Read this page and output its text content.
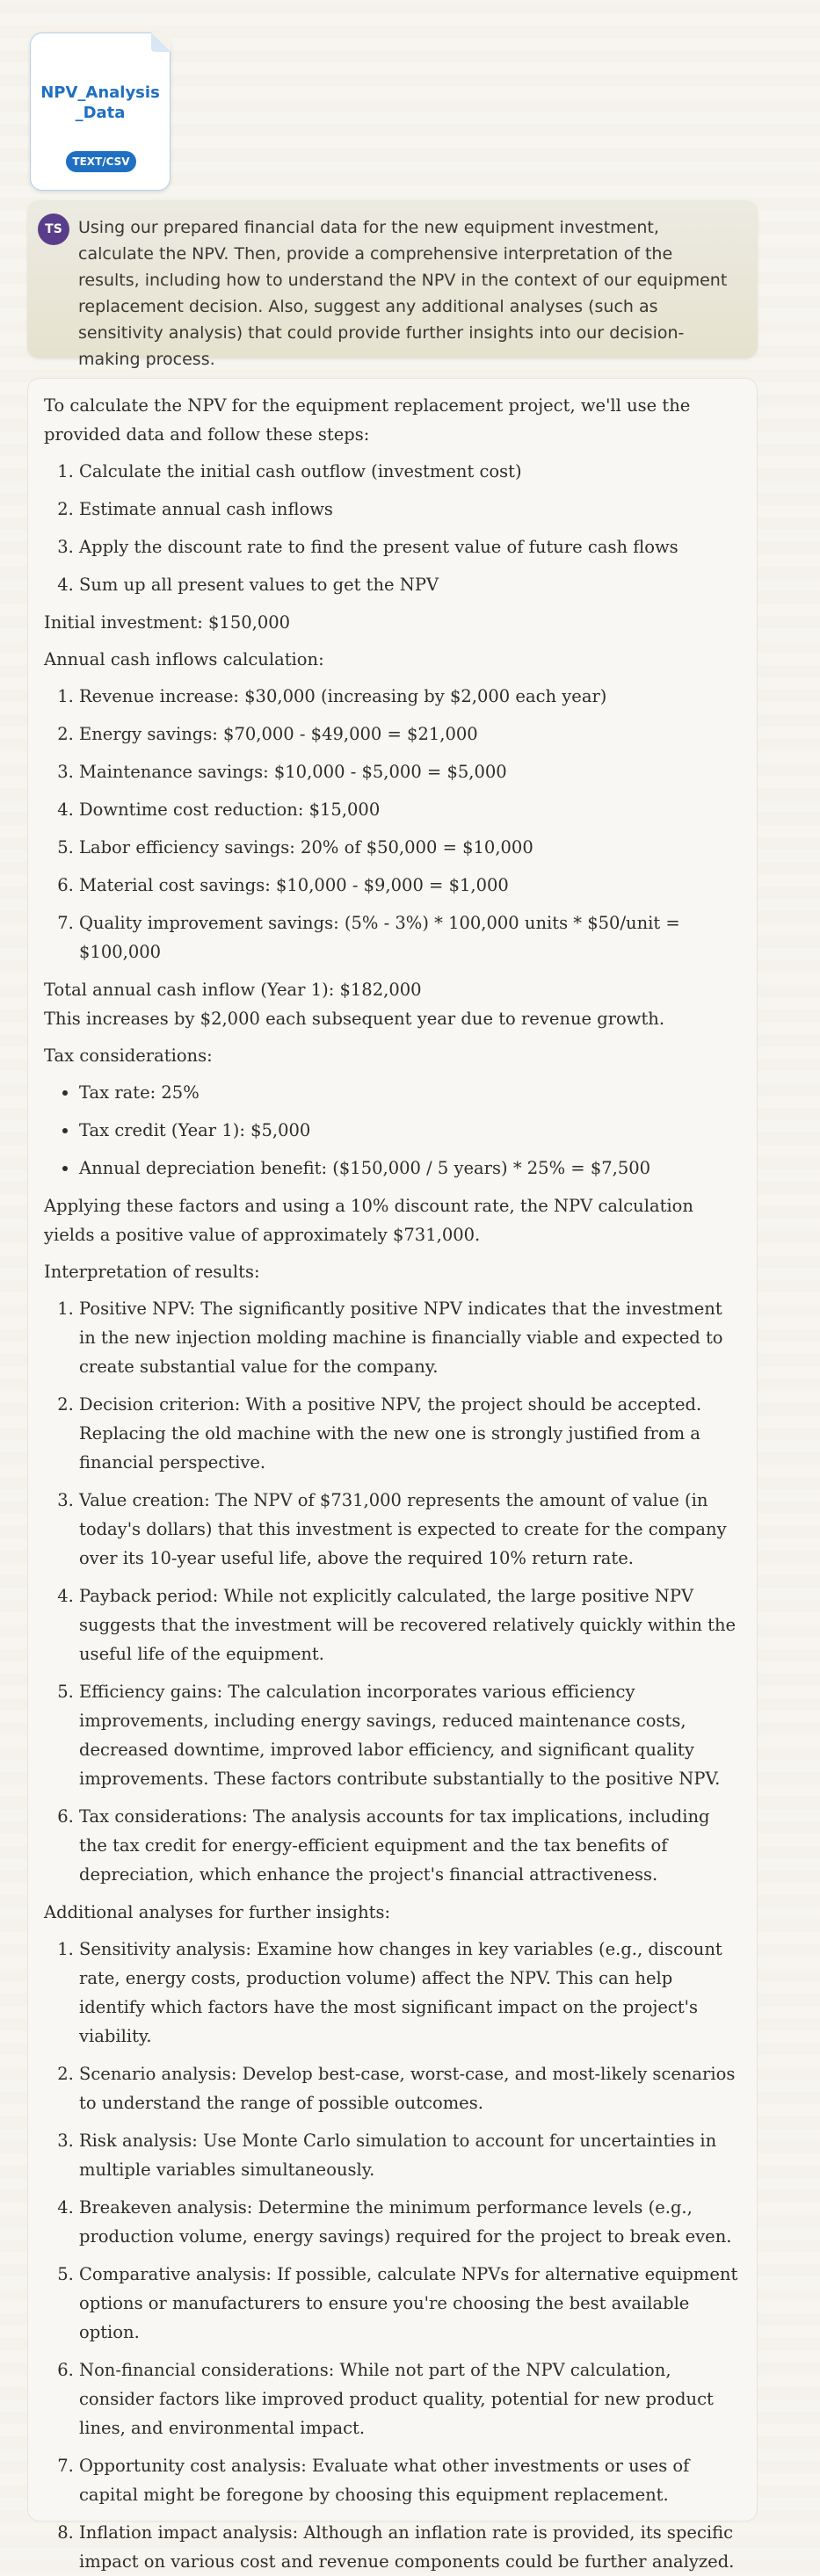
NPV_Analysis_Data
TEXT/CSV
TS Using our prepared financial data for the new equipment investment, calculate the NPV. Then, provide a comprehensive interpretation of the results, including how to understand the NPV in the context of our equipment replacement decision. Also, suggest any additional analyses (such as sensitivity analysis) that could provide further insights into our decision-making process.

To calculate the NPV for the equipment replacement project, we'll use the provided data and follow these steps:

1. Calculate the initial cash outflow (investment cost)
2. Estimate annual cash inflows
3. Apply the discount rate to find the present value of future cash flows
4. Sum up all present values to get the NPV

Initial investment: $150,000

Annual cash inflows calculation:

1. Revenue increase: $30,000 (increasing by $2,000 each year)
2. Energy savings: $70,000 - $49,000 = $21,000
3. Maintenance savings: $10,000 - $5,000 = $5,000
4. Downtime cost reduction: $15,000
5. Labor efficiency savings: 20% of $50,000 = $10,000
6. Material cost savings: $10,000 - $9,000 = $1,000
7. Quality improvement savings: (5% - 3%) * 100,000 units * $50/unit = $100,000

Total annual cash inflow (Year 1): $182,000

This increases by $2,000 each subsequent year due to revenue growth.

Tax considerations:

• Tax rate: 25%
• Tax credit (Year 1): $5,000
• Annual depreciation benefit: ($150,000 / 5 years) * 25% = $7,500

Applying these factors and using a 10% discount rate, the NPV calculation yields a positive value of approximately $731,000.

Interpretation of results:

1. Positive NPV: The significantly positive NPV indicates that the investment in the new injection molding machine is financially viable and expected to create substantial value for the company.
2. Decision criterion: With a positive NPV, the project should be accepted. Replacing the old machine with the new one is strongly justified from a financial perspective.
3. Value creation: The NPV of $731,000 represents the amount of value (in today's dollars) that this investment is expected to create for the company over its 10-year useful life, above the required 10% return rate.
4. Payback period: While not explicitly calculated, the large positive NPV suggests that the investment will be recovered relatively quickly within the useful life of the equipment.
5. Efficiency gains: The calculation incorporates various efficiency improvements, including energy savings, reduced maintenance costs, decreased downtime, improved labor efficiency, and significant quality improvements. These factors contribute substantially to the positive NPV.
6. Tax considerations: The analysis accounts for tax implications, including the tax credit for energy-efficient equipment and the tax benefits of depreciation, which enhance the project's financial attractiveness.

Additional analyses for further insights:

1. Sensitivity analysis: Examine how changes in key variables (e.g., discount rate, energy costs, production volume) affect the NPV. This can help identify which factors have the most significant impact on the project's viability.
2. Scenario analysis: Develop best-case, worst-case, and most-likely scenarios to understand the range of possible outcomes.
3. Risk analysis: Use Monte Carlo simulation to account for uncertainties in multiple variables simultaneously.
4. Breakeven analysis: Determine the minimum performance levels (e.g., production volume, energy savings) required for the project to break even.
5. Comparative analysis: If possible, calculate NPVs for alternative equipment options or manufacturers to ensure you're choosing the best available option.
6. Non-financial considerations: While not part of the NPV calculation, consider factors like improved product quality, potential for new product lines, and environmental impact.
7. Opportunity cost analysis: Evaluate what other investments or uses of capital might be foregone by choosing this equipment replacement.
8. Inflation impact analysis: Although an inflation rate is provided, its specific impact on various cost and revenue components could be further analyzed.
